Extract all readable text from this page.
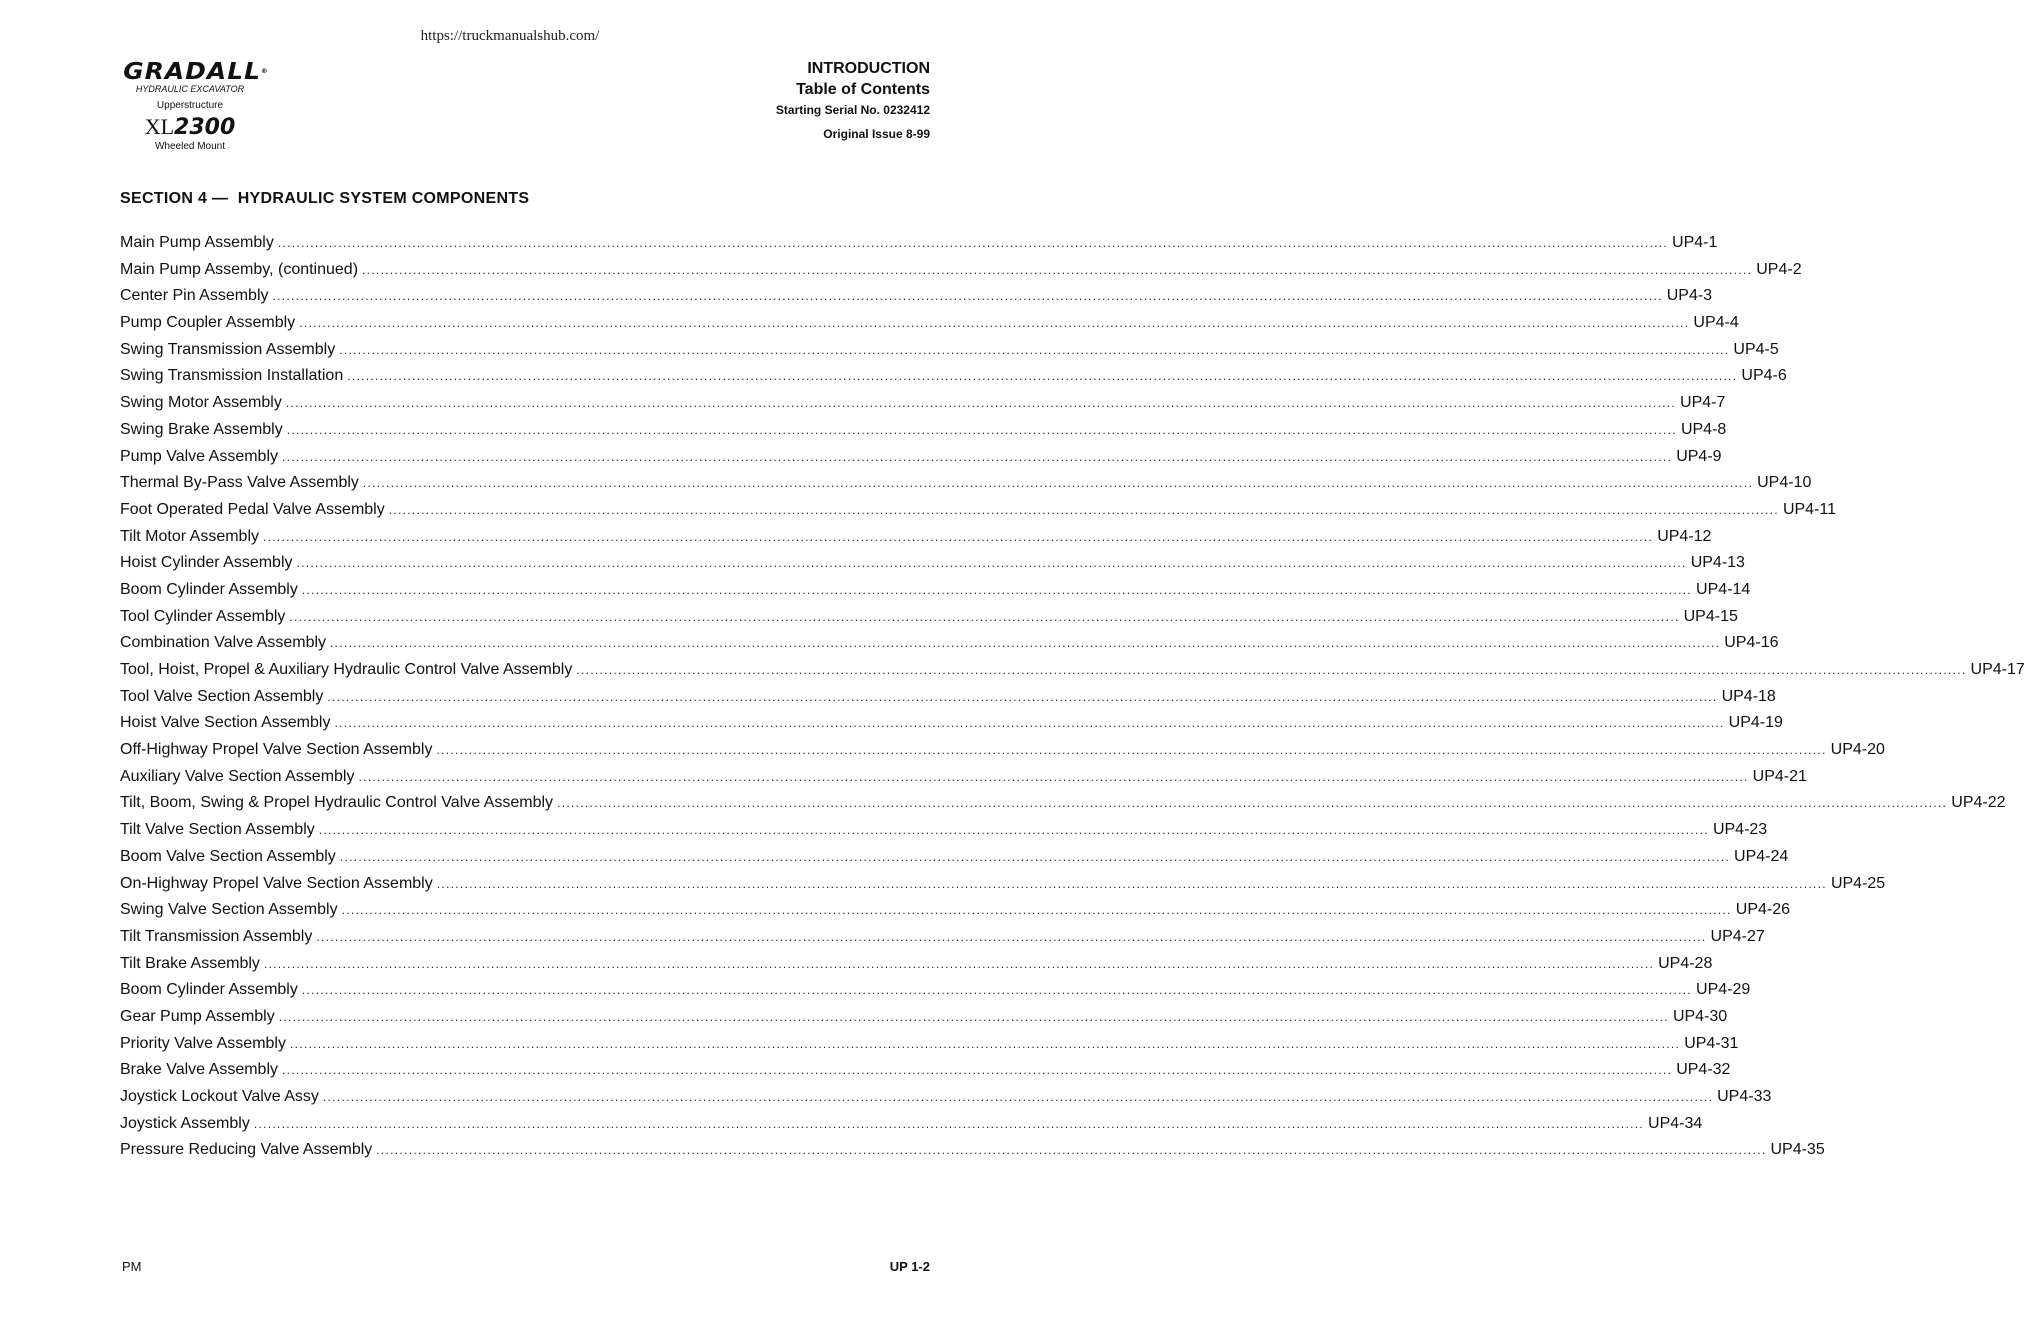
https://truckmanualshub.com/
GRADALL®
HYDRAULIC EXCAVATOR
Upperstructure
XL2300
Wheeled Mount
INTRODUCTION
Table of Contents
Starting Serial No. 0232412
Original Issue 8-99
SECTION 4 —  HYDRAULIC SYSTEM COMPONENTS
Main Pump Assembly ............................................................................................................................................................................................................................................................................................................ UP4-1
Main Pump Assemby, (continued) ............................................................................................................................................................................................................................................................................................................ UP4-2
Center Pin Assembly ............................................................................................................................................................................................................................................................................................................ UP4-3
Pump Coupler Assembly ............................................................................................................................................................................................................................................................................................................ UP4-4
Swing Transmission Assembly ............................................................................................................................................................................................................................................................................................................ UP4-5
Swing Transmission Installation ............................................................................................................................................................................................................................................................................................................ UP4-6
Swing Motor Assembly ............................................................................................................................................................................................................................................................................................................ UP4-7
Swing Brake Assembly ............................................................................................................................................................................................................................................................................................................ UP4-8
Pump Valve Assembly ............................................................................................................................................................................................................................................................................................................ UP4-9
Thermal By-Pass Valve Assembly ............................................................................................................................................................................................................................................................................................................ UP4-10
Foot Operated Pedal Valve Assembly ............................................................................................................................................................................................................................................................................................................ UP4-11
Tilt Motor Assembly ............................................................................................................................................................................................................................................................................................................ UP4-12
Hoist Cylinder Assembly ............................................................................................................................................................................................................................................................................................................ UP4-13
Boom Cylinder Assembly ............................................................................................................................................................................................................................................................................................................ UP4-14
Tool Cylinder Assembly ............................................................................................................................................................................................................................................................................................................ UP4-15
Combination Valve Assembly ............................................................................................................................................................................................................................................................................................................ UP4-16
Tool, Hoist, Propel & Auxiliary Hydraulic Control Valve Assembly ............................................................................................................................................................................................................................................................................................................ UP4-17
Tool Valve Section Assembly ............................................................................................................................................................................................................................................................................................................ UP4-18
Hoist Valve Section Assembly ............................................................................................................................................................................................................................................................................................................ UP4-19
Off-Highway Propel Valve Section Assembly ............................................................................................................................................................................................................................................................................................................ UP4-20
Auxiliary Valve Section Assembly ............................................................................................................................................................................................................................................................................................................ UP4-21
Tilt, Boom, Swing & Propel Hydraulic Control Valve Assembly ............................................................................................................................................................................................................................................................................................................ UP4-22
Tilt Valve Section Assembly ............................................................................................................................................................................................................................................................................................................ UP4-23
Boom Valve Section Assembly ............................................................................................................................................................................................................................................................................................................ UP4-24
On-Highway Propel Valve Section Assembly ............................................................................................................................................................................................................................................................................................................ UP4-25
Swing Valve Section Assembly ............................................................................................................................................................................................................................................................................................................ UP4-26
Tilt Transmission Assembly ............................................................................................................................................................................................................................................................................................................ UP4-27
Tilt Brake Assembly ............................................................................................................................................................................................................................................................................................................ UP4-28
Boom Cylinder Assembly ............................................................................................................................................................................................................................................................................................................ UP4-29
Gear Pump Assembly ............................................................................................................................................................................................................................................................................................................ UP4-30
Priority Valve Assembly ............................................................................................................................................................................................................................................................................................................ UP4-31
Brake Valve Assembly ............................................................................................................................................................................................................................................................................................................ UP4-32
Joystick Lockout Valve Assy ............................................................................................................................................................................................................................................................................................................ UP4-33
Joystick Assembly ............................................................................................................................................................................................................................................................................................................ UP4-34
Pressure Reducing Valve Assembly ............................................................................................................................................................................................................................................................................................................ UP4-35
PM	UP 1-2
